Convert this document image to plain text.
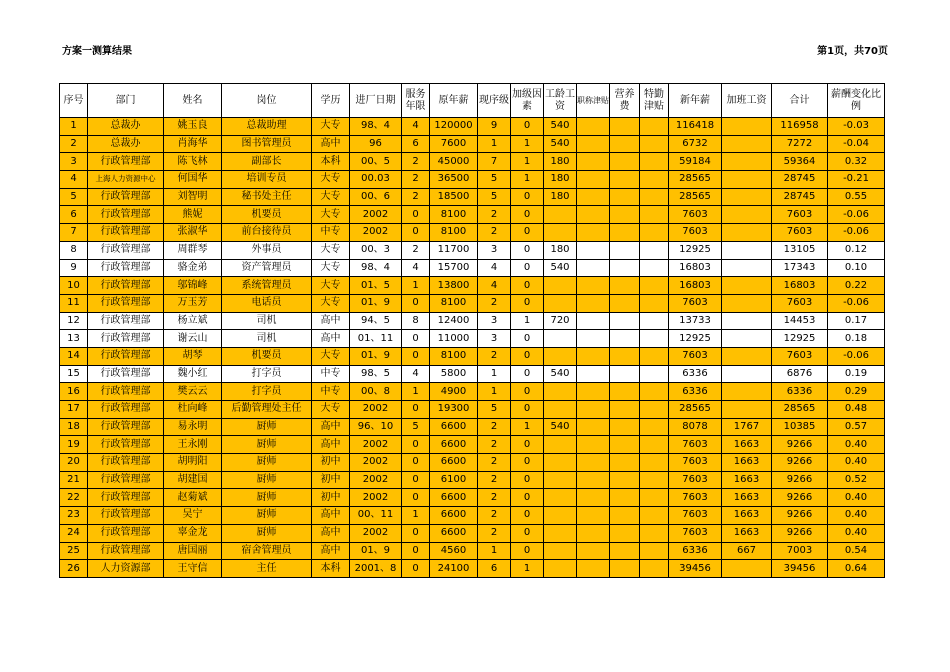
方案一测算结果	第1页，共70页
序号	部门	姓名	岗位	学历	进厂日期	服务年限	原年薪	现序级	加级因素	工龄工资	职称津贴	营养费	特勤津贴	新年薪	加班工资	合计	薪酬变化比例
1	总裁办	姚玉良	总裁助理	大专	98、4	4	120000	9	0	540				116418		116958	-0.03
2	总裁办	肖海华	图书管理员	高中	96	6	7600	1	1	540				6732		7272	-0.04
3	行政管理部	陈飞林	副部长	本科	00、5	2	45000	7	1	180				59184		59364	0.32
4	上海人力资源中心	何国华	培训专员	大专	00.03	2	36500	5	1	180				28565		28745	-0.21
5	行政管理部	刘智明	秘书处主任	大专	00、6	2	18500	5	0	180				28565		28745	0.55
6	行政管理部	熊妮	机要员	大专	2002	0	8100	2	0					7603		7603	-0.06
7	行政管理部	张淑华	前台接待员	中专	2002	0	8100	2	0					7603		7603	-0.06
8	行政管理部	周群琴	外事员	大专	00、3	2	11700	3	0	180				12925		13105	0.12
9	行政管理部	骆金弟	资产管理员	大专	98、4	4	15700	4	0	540				16803		17343	0.10
10	行政管理部	邬锦峰	系统管理员	大专	01、5	1	13800	4	0					16803		16803	0.22
11	行政管理部	万玉芳	电话员	大专	01、9	0	8100	2	0					7603		7603	-0.06
12	行政管理部	杨立斌	司机	高中	94、5	8	12400	3	1	720				13733		14453	0.17
13	行政管理部	谢云山	司机	高中	01、11	0	11000	3	0					12925		12925	0.18
14	行政管理部	胡琴	机要员	大专	01、9	0	8100	2	0					7603		7603	-0.06
15	行政管理部	魏小红	打字员	中专	98、5	4	5800	1	0	540				6336		6876	0.19
16	行政管理部	樊云云	打字员	中专	00、8	1	4900	1	0					6336		6336	0.29
17	行政管理部	杜向峰	后勤管理处主任	大专	2002	0	19300	5	0					28565		28565	0.48
18	行政管理部	易永明	厨师	高中	96、10	5	6600	2	1	540				8078	1767	10385	0.57
19	行政管理部	王永刚	厨师	高中	2002	0	6600	2	0					7603	1663	9266	0.40
20	行政管理部	胡明阳	厨师	初中	2002	0	6600	2	0					7603	1663	9266	0.40
21	行政管理部	胡建国	厨师	初中	2002	0	6100	2	0					7603	1663	9266	0.52
22	行政管理部	赵菊斌	厨师	初中	2002	0	6600	2	0					7603	1663	9266	0.40
23	行政管理部	吴宁	厨师	高中	00、11	1	6600	2	0					7603	1663	9266	0.40
24	行政管理部	辜金龙	厨师	高中	2002	0	6600	2	0					7603	1663	9266	0.40
25	行政管理部	唐国丽	宿舍管理员	高中	01、9	0	4560	1	0					6336	667	7003	0.54
26	人力资源部	王守信	主任	本科	2001、8	0	24100	6	1					39456		39456	0.64
